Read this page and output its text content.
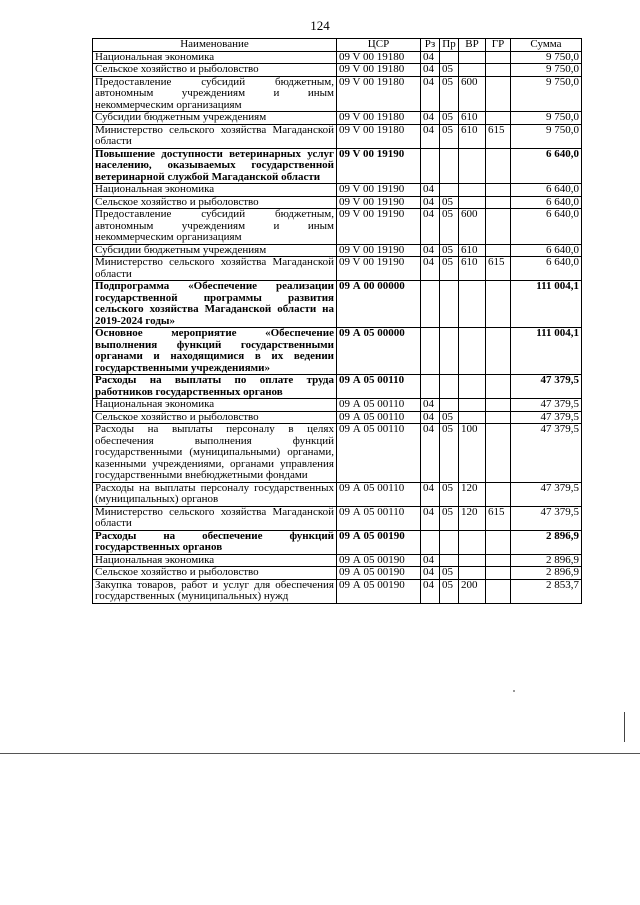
124
Наименование	ЦСР	Рз	Пр	ВР	ГР	Сумма
Национальная экономика	09 V 00 19180	04				9 750,0
Сельское хозяйство и рыболовство	09 V 00 19180	04	05			9 750,0
Предоставление субсидий бюджетным, автономным учреждениям и иным некоммерческим организациям	09 V 00 19180	04	05	600		9 750,0
Субсидии бюджетным учреждениям	09 V 00 19180	04	05	610		9 750,0
Министерство сельского хозяйства Магаданской области	09 V 00 19180	04	05	610	615	9 750,0
Повышение доступности ветеринарных услуг населению, оказываемых государственной ветеринарной службой Магаданской области	09 V 00 19190					6 640,0
Национальная экономика	09 V 00 19190	04				6 640,0
Сельское хозяйство и рыболовство	09 V 00 19190	04	05			6 640,0
Предоставление субсидий бюджетным, автономным учреждениям и иным некоммерческим организациям	09 V 00 19190	04	05	600		6 640,0
Субсидии бюджетным учреждениям	09 V 00 19190	04	05	610		6 640,0
Министерство сельского хозяйства Магаданской области	09 V 00 19190	04	05	610	615	6 640,0
Подпрограмма «Обеспечение реализации государственной программы развития сельского хозяйства Магаданской области на 2019-2024 годы»	09 А 00 00000					111 004,1
Основное мероприятие «Обеспечение выполнения функций государственными органами и находящимися в их ведении государственными учреждениями»	09 А 05 00000					111 004,1
Расходы на выплаты по оплате труда работников государственных органов	09 А 05 00110					47 379,5
Национальная экономика	09 А 05 00110	04				47 379,5
Сельское хозяйство и рыболовство	09 А 05 00110	04	05			47 379,5
Расходы на выплаты персоналу в целях обеспечения выполнения функций государственными (муниципальными) органами, казенными учреждениями, органами управления государственными внебюджетными фондами	09 А 05 00110	04	05	100		47 379,5
Расходы на выплаты персоналу государственных (муниципальных) органов	09 А 05 00110	04	05	120		47 379,5
Министерство сельского хозяйства Магаданской области	09 А 05 00110	04	05	120	615	47 379,5
Расходы на обеспечение функций государственных органов	09 А 05 00190					2 896,9
Национальная экономика	09 А 05 00190	04				2 896,9
Сельское хозяйство и рыболовство	09 А 05 00190	04	05			2 896,9
Закупка товаров, работ и услуг для обеспечения государственных (муниципальных) нужд	09 А 05 00190	04	05	200		2 853,7
